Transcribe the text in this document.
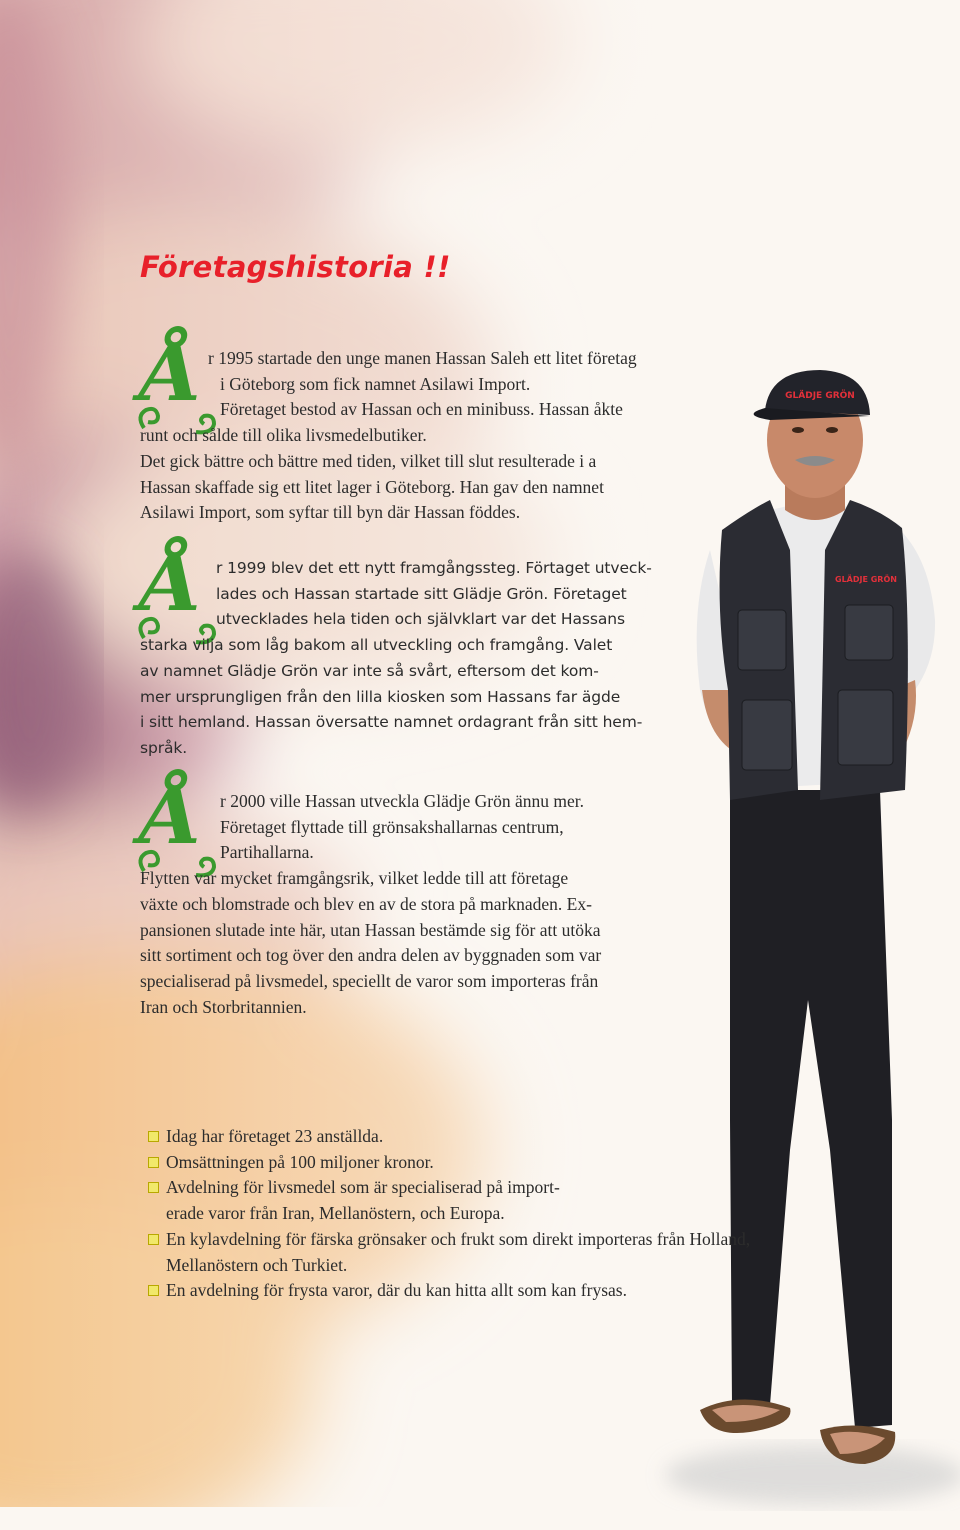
GLÄDJE GRÖN
GLÄDJE GRÖN
Företagshistoria !!
Å r 1995 startade den unge manen Hassan Saleh ett litet företag
i Göteborg som fick namnet Asilawi Import.
Företaget bestod av Hassan och en minibuss. Hassan åkte
runt och sålde till olika livsmedelbutiker.
Det gick bättre och bättre med tiden, vilket till slut resulterade i a
Hassan skaffade sig ett litet lager i Göteborg. Han gav den namnet
Asilawi Import, som syftar till byn där Hassan föddes.
Å r 1999 blev det ett nytt framgångssteg. Förtaget utveck-
lades och Hassan startade sitt Glädje Grön. Företaget
utvecklades hela tiden och självklart var det Hassans
starka vilja som låg bakom all utveckling och framgång. Valet
av namnet Glädje Grön var inte så svårt, eftersom det kom-
mer ursprungligen från den lilla kiosken som Hassans far ägde
i sitt hemland. Hassan översatte namnet ordagrant från sitt hem-
språk.
Å r 2000 ville Hassan utveckla Glädje Grön ännu mer.
Företaget flyttade till grönsakshallarnas centrum,
Partihallarna.
Flytten var mycket framgångsrik, vilket ledde till att företage
växte och blomstrade och blev en av de stora på marknaden. Ex-
pansionen slutade inte här, utan Hassan bestämde sig för att utöka
sitt sortiment och tog över den andra delen av byggnaden som var
specialiserad på livsmedel, speciellt de varor som importeras från
Iran och Storbritannien.
Idag har företaget 23 anställda.
Omsättningen på 100 miljoner kronor.
Avdelning för livsmedel som är specialiserad på import-
erade varor från Iran, Mellanöstern, och Europa.
En kylavdelning för färska grönsaker och frukt som direkt importeras från Holland,
Mellanöstern och Turkiet.
En avdelning för frysta varor, där du kan hitta allt som kan frysas.
